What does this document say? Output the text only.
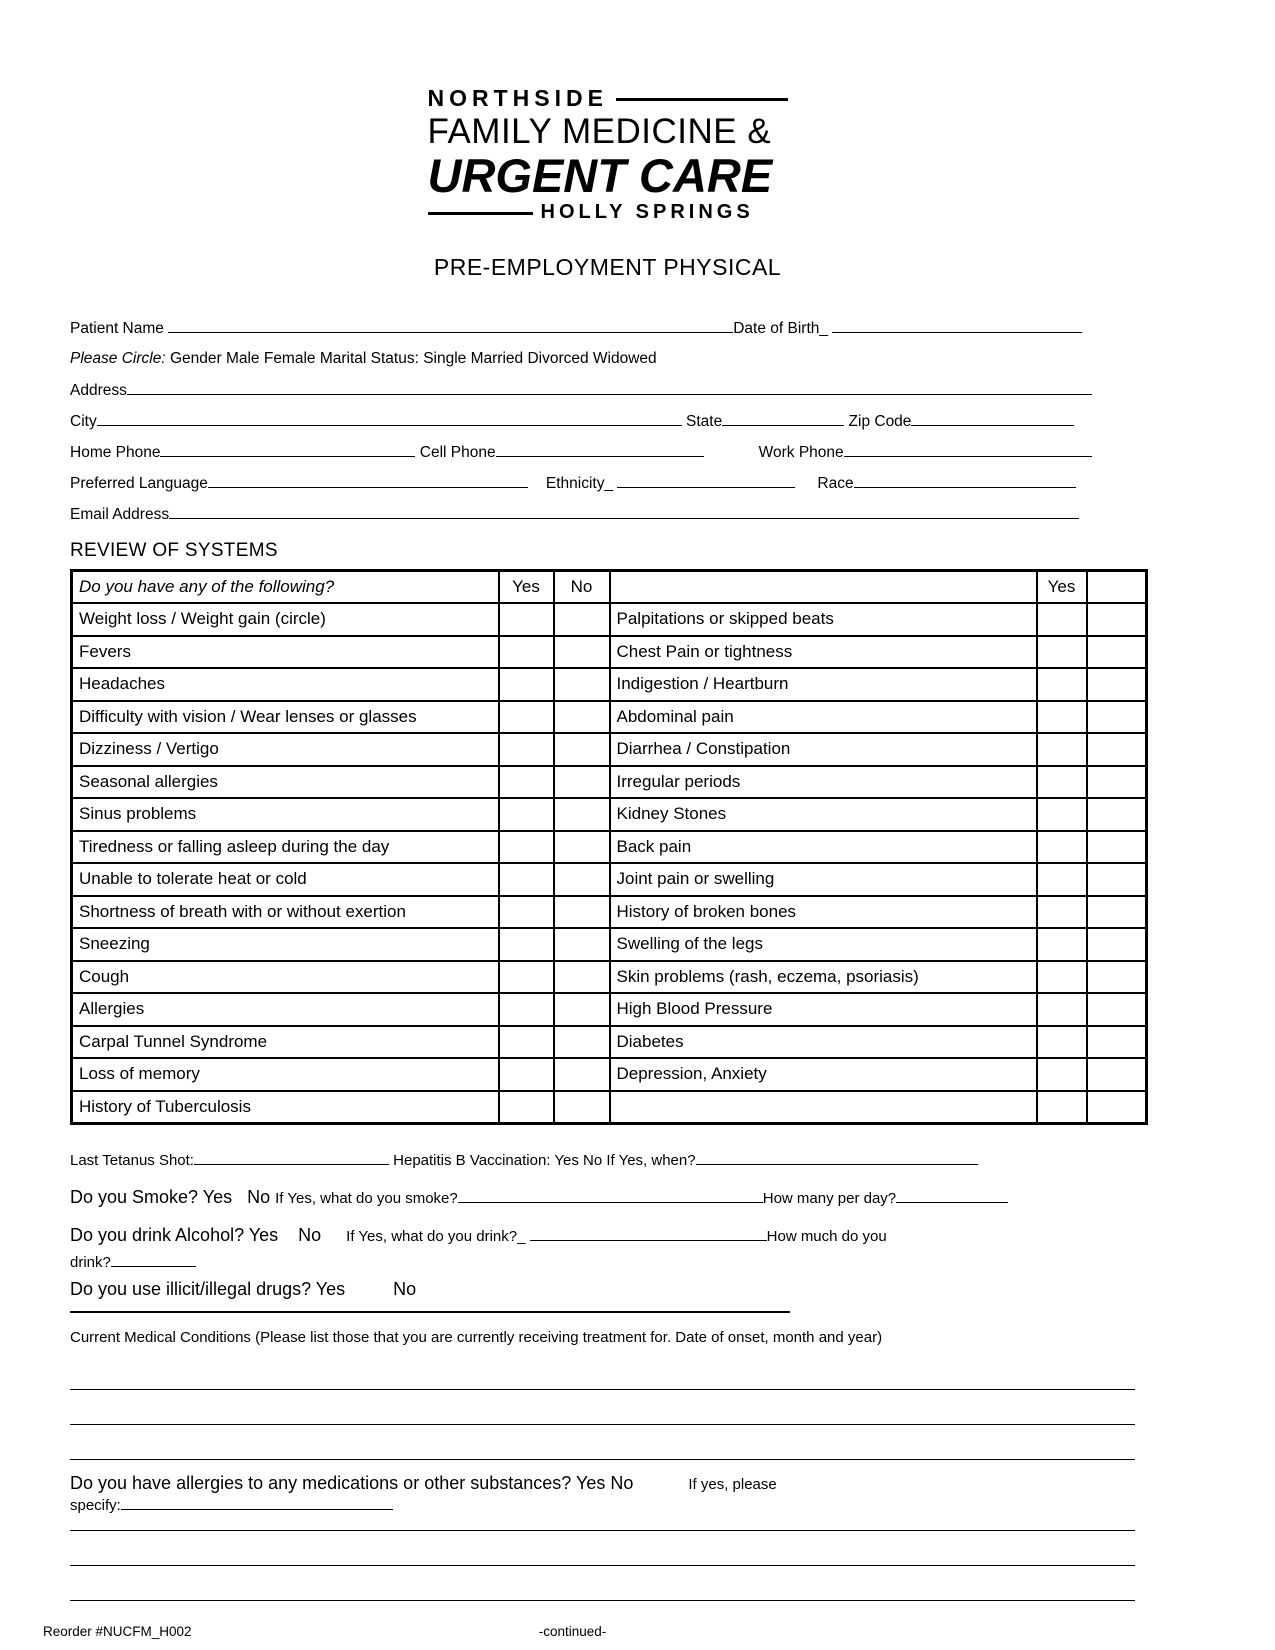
NORTHSIDE
FAMILY MEDICINE &
URGENT CARE
HOLLY SPRINGS
PRE-EMPLOYMENT PHYSICAL
Patient Name	Date of Birth_
Please Circle: Gender Male Female Marital Status: Single Married Divorced Widowed
Address
City	State	Zip Code
Home Phone	Cell Phone	Work Phone
Preferred Language	Ethnicity_	Race
Email Address
REVIEW OF SYSTEMS
Do you have any of the following?	Yes	No		Yes	
Weight loss / Weight gain (circle)			Palpitations or skipped beats		
Fevers			Chest Pain or tightness		
Headaches			Indigestion / Heartburn		
Difficulty with vision / Wear lenses or glasses			Abdominal pain		
Dizziness / Vertigo			Diarrhea / Constipation		
Seasonal allergies			Irregular periods		
Sinus problems			Kidney Stones		
Tiredness or falling asleep during the day			Back pain		
Unable to tolerate heat or cold			Joint pain or swelling		
Shortness of breath with or without exertion			History of broken bones		
Sneezing			Swelling of the legs		
Cough			Skin problems (rash, eczema, psoriasis)		
Allergies			High Blood Pressure		
Carpal Tunnel Syndrome			Diabetes		
Loss of memory			Depression, Anxiety		
History of Tuberculosis					
Last Tetanus Shot:	Hepatitis B Vaccination: Yes No If Yes, when?
Do you Smoke? Yes   No If Yes, what do you smoke?	How many per day?
Do you drink Alcohol? Yes    No     If Yes, what do you drink?_	How much do you
drink?
Do you use illicit/illegal drugs? Yes	No
Current Medical Conditions (Please list those that you are currently receiving treatment for. Date of onset, month and year)
Do you have allergies to any medications or other substances? Yes No	If yes, please
specify:
Reorder #NUCFM_H002	-continued-
